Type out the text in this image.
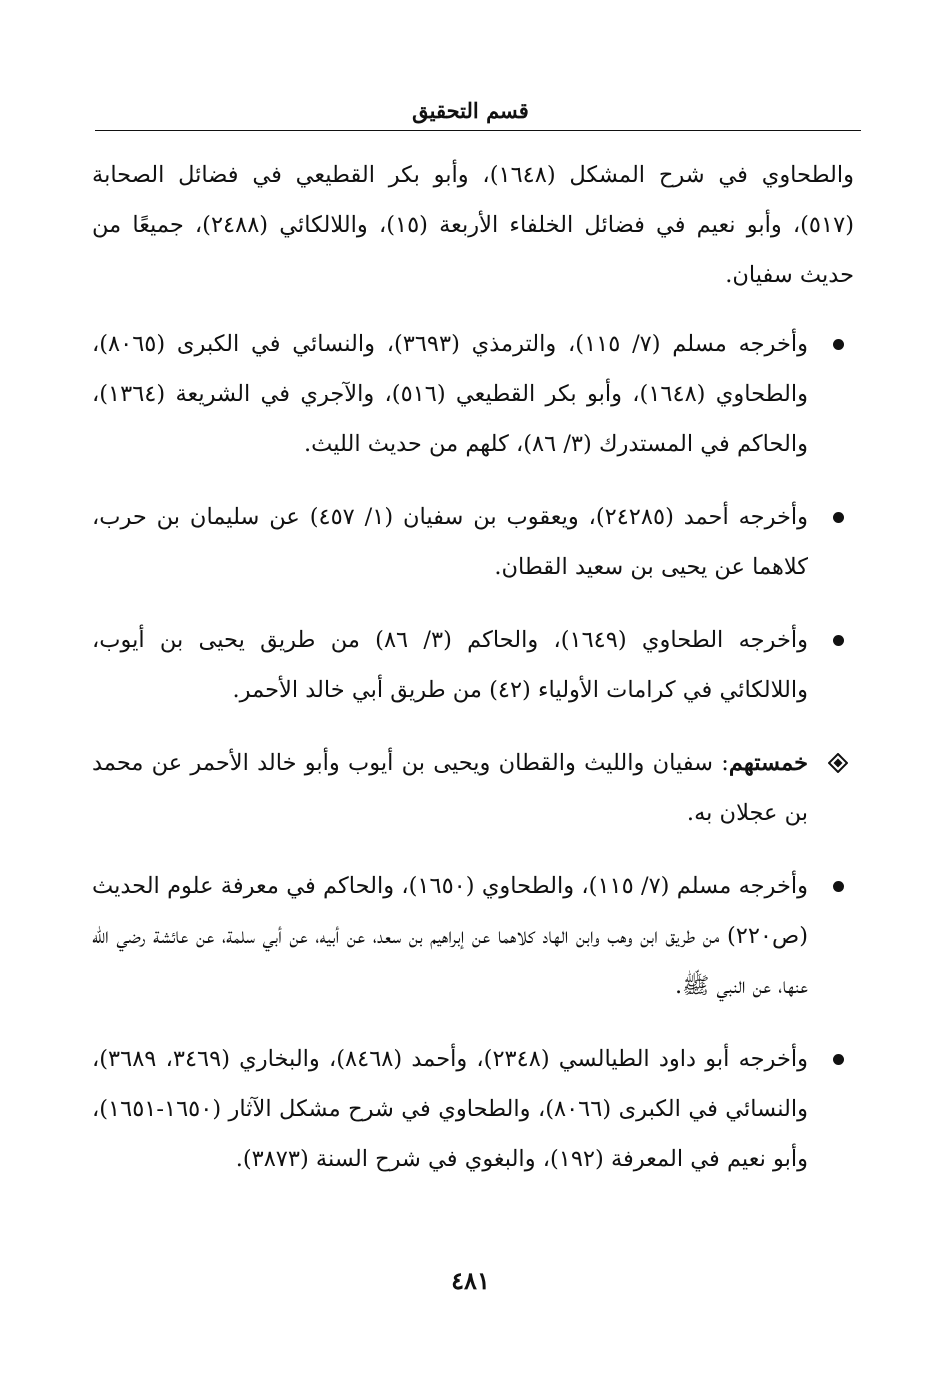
قسم التحقيق

والطحاوي في شرح المشكل (١٦٤٨)، وأبو بكر القطيعي في فضائل الصحابة (٥١٧)، وأبو نعيم في فضائل الخلفاء الأربعة (١٥)، واللالكائي (٢٤٨٨)، جميعًا من حديث سفيان.

وأخرجه مسلم (٧/ ١١٥)، والترمذي (٣٦٩٣)، والنسائي في الكبرى (٨٠٦٥)، والطحاوي (١٦٤٨)، وأبو بكر القطيعي (٥١٦)، والآجري في الشريعة (١٣٦٤)، والحاكم في المستدرك (٣/ ٨٦)، كلهم من حديث الليث.

وأخرجه أحمد (٢٤٢٨٥)، ويعقوب بن سفيان (١/ ٤٥٧) عن سليمان بن حرب، كلاهما عن يحيى بن سعيد القطان.

وأخرجه الطحاوي (١٦٤٩)، والحاكم (٣/ ٨٦) من طريق يحيى بن أيوب، واللالكائي في كرامات الأولياء (٤٢) من طريق أبي خالد الأحمر.

خمستهم: سفيان والليث والقطان ويحيى بن أيوب وأبو خالد الأحمر عن محمد بن عجلان به.

وأخرجه مسلم (٧/ ١١٥)، والطحاوي (١٦٥٠)، والحاكم في معرفة علوم الحديث (ص٢٢٠) من طريق ابن وهب وابن الهاد كلاهما عن إبراهيم بن سعد، عن أبيه، عن أبي سلمة، عن عائشة رضي الله عنها، عن النبي ﷺ.

وأخرجه أبو داود الطيالسي (٢٣٤٨)، وأحمد (٨٤٦٨)، والبخاري (٣٤٦٩، ٣٦٨٩)، والنسائي في الكبرى (٨٠٦٦)، والطحاوي في شرح مشكل الآثار (١٦٥٠-١٦٥١)، وأبو نعيم في المعرفة (١٩٢)، والبغوي في شرح السنة (٣٨٧٣).

٤٨١
